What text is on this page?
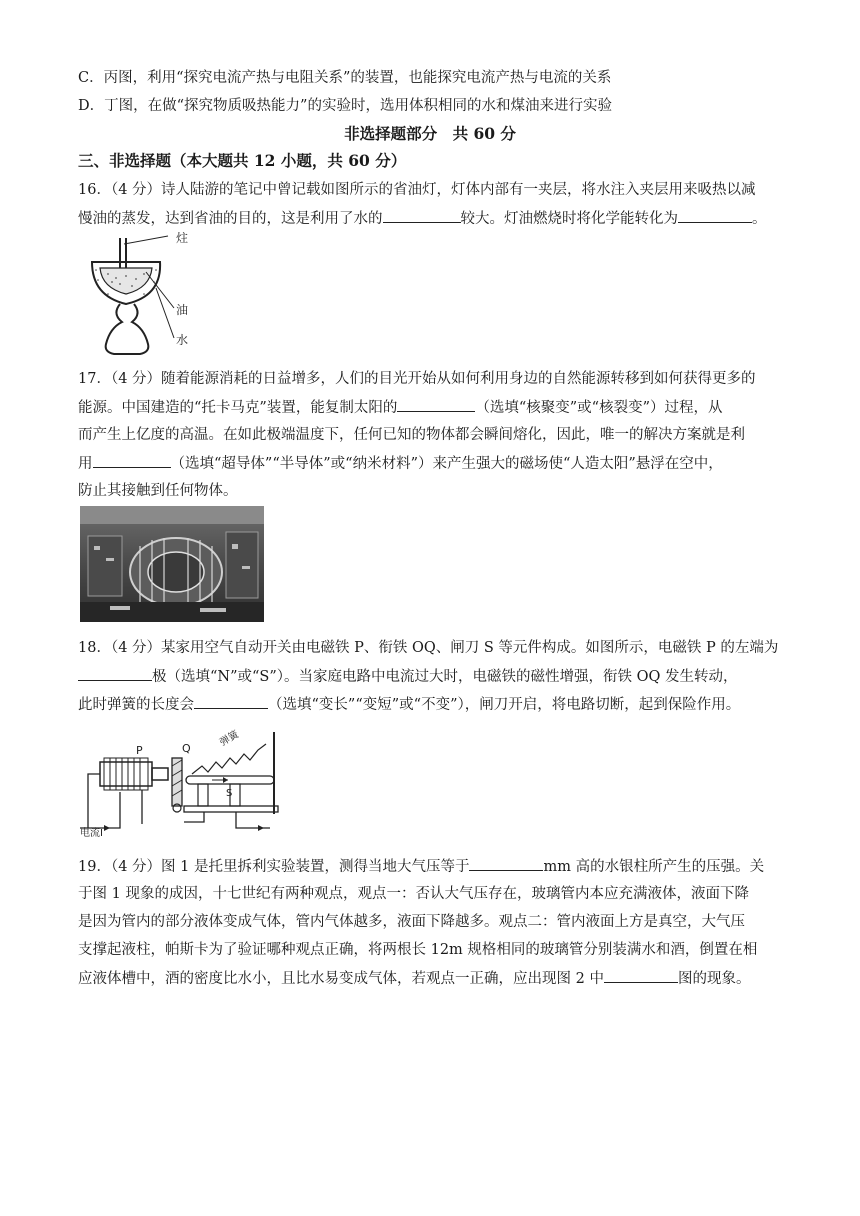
C．丙图，利用“探究电流产热与电阻关系”的装置，也能探究电流产热与电流的关系
D．丁图，在做“探究物质吸热能力”的实验时，选用体积相同的水和煤油来进行实验
非选择题部分　共 60 分
三、非选择题（本大题共 12 小题，共 60 分）
16．（4 分）诗人陆游的笔记中曾记载如图所示的省油灯，灯体内部有一夹层，将水注入夹层用来吸热以减
慢油的蒸发，达到省油的目的，这是利用了水的	较大。灯油燃烧时将化学能转化为	。
炷
油
水
17．（4 分）随着能源消耗的日益增多，人们的目光开始从如何利用身边的自然能源转移到如何获得更多的
能源。中国建造的“托卡马克”装置，能复制太阳的	（选填“核聚变”或“核裂变”）过程，从
而产生上亿度的高温。在如此极端温度下，任何已知的物体都会瞬间熔化，因此，唯一的解决方案就是利
用	（选填“超导体”“半导体”或“纳米材料”）来产生强大的磁场使“人造太阳”悬浮在空中，
防止其接触到任何物体。
18．（4 分）某家用空气自动开关由电磁铁 P、衔铁 OQ、闸刀 S 等元件构成。如图所示，电磁铁 P 的左端为
极（选填“N”或“S”）。当家庭电路中电流过大时，电磁铁的磁性增强，衔铁 OQ 发生转动，
此时弹簧的长度会	（选填“变长”“变短”或“不变”），闸刀开启，将电路切断，起到保险作用。
P	Q	弹簧
S
电流I
19．（4 分）图 1 是托里拆利实验装置，测得当地大气压等于	mm 高的水银柱所产生的压强。关
于图 1 现象的成因，十七世纪有两种观点，观点一：否认大气压存在，玻璃管内本应充满液体，液面下降
是因为管内的部分液体变成气体，管内气体越多，液面下降越多。观点二：管内液面上方是真空，大气压
支撑起液柱，帕斯卡为了验证哪种观点正确，将两根长 12m 规格相同的玻璃管分别装满水和酒，倒置在相
应液体槽中，酒的密度比水小，且比水易变成气体，若观点一正确，应出现图 2 中	图的现象。
